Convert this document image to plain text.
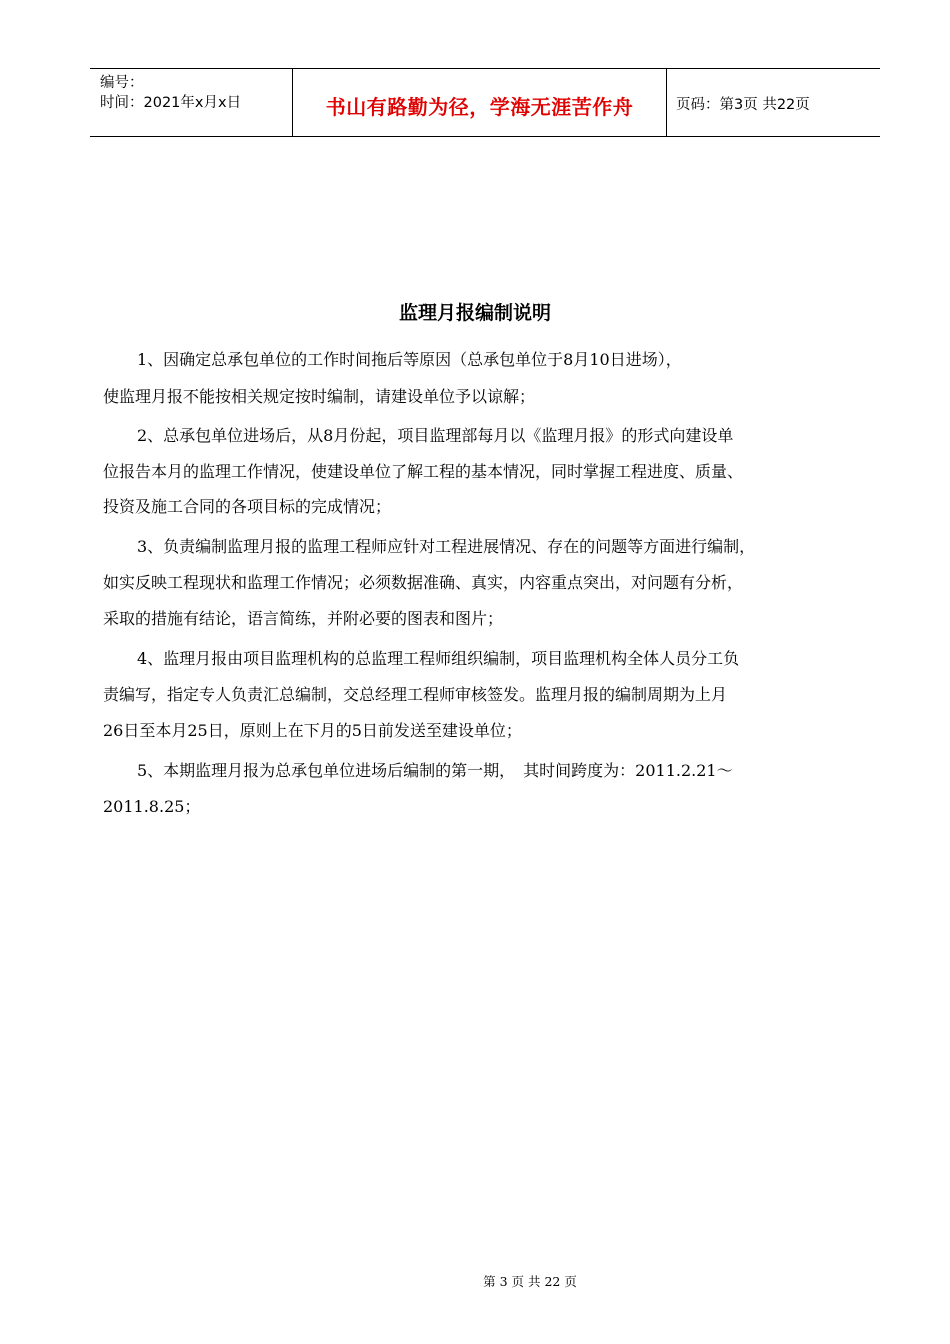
编号：
时间：2021年x月x日	书山有路勤为径，学海无涯苦作舟	页码：第3页 共22页
监理月报编制说明
1、因确定总承包单位的工作时间拖后等原因（总承包单位于8月10日进场），
使监理月报不能按相关规定按时编制，请建设单位予以谅解；
2、总承包单位进场后，从8月份起，项目监理部每月以《监理月报》的形式向建设单
位报告本月的监理工作情况，使建设单位了解工程的基本情况，同时掌握工程进度、质量、
投资及施工合同的各项目标的完成情况；
3、负责编制监理月报的监理工程师应针对工程进展情况、存在的问题等方面进行编制，
如实反映工程现状和监理工作情况；必须数据准确、真实，内容重点突出，对问题有分析，
采取的措施有结论，语言简练，并附必要的图表和图片；
4、监理月报由项目监理机构的总监理工程师组织编制，项目监理机构全体人员分工负
责编写，指定专人负责汇总编制，交总经理工程师审核签发。监理月报的编制周期为上月
26日至本月25日，原则上在下月的5日前发送至建设单位；
5、本期监理月报为总承包单位进场后编制的第一期，　其时间跨度为：2011.2.21～
2011.8.25；
第 3 页 共 22 页
